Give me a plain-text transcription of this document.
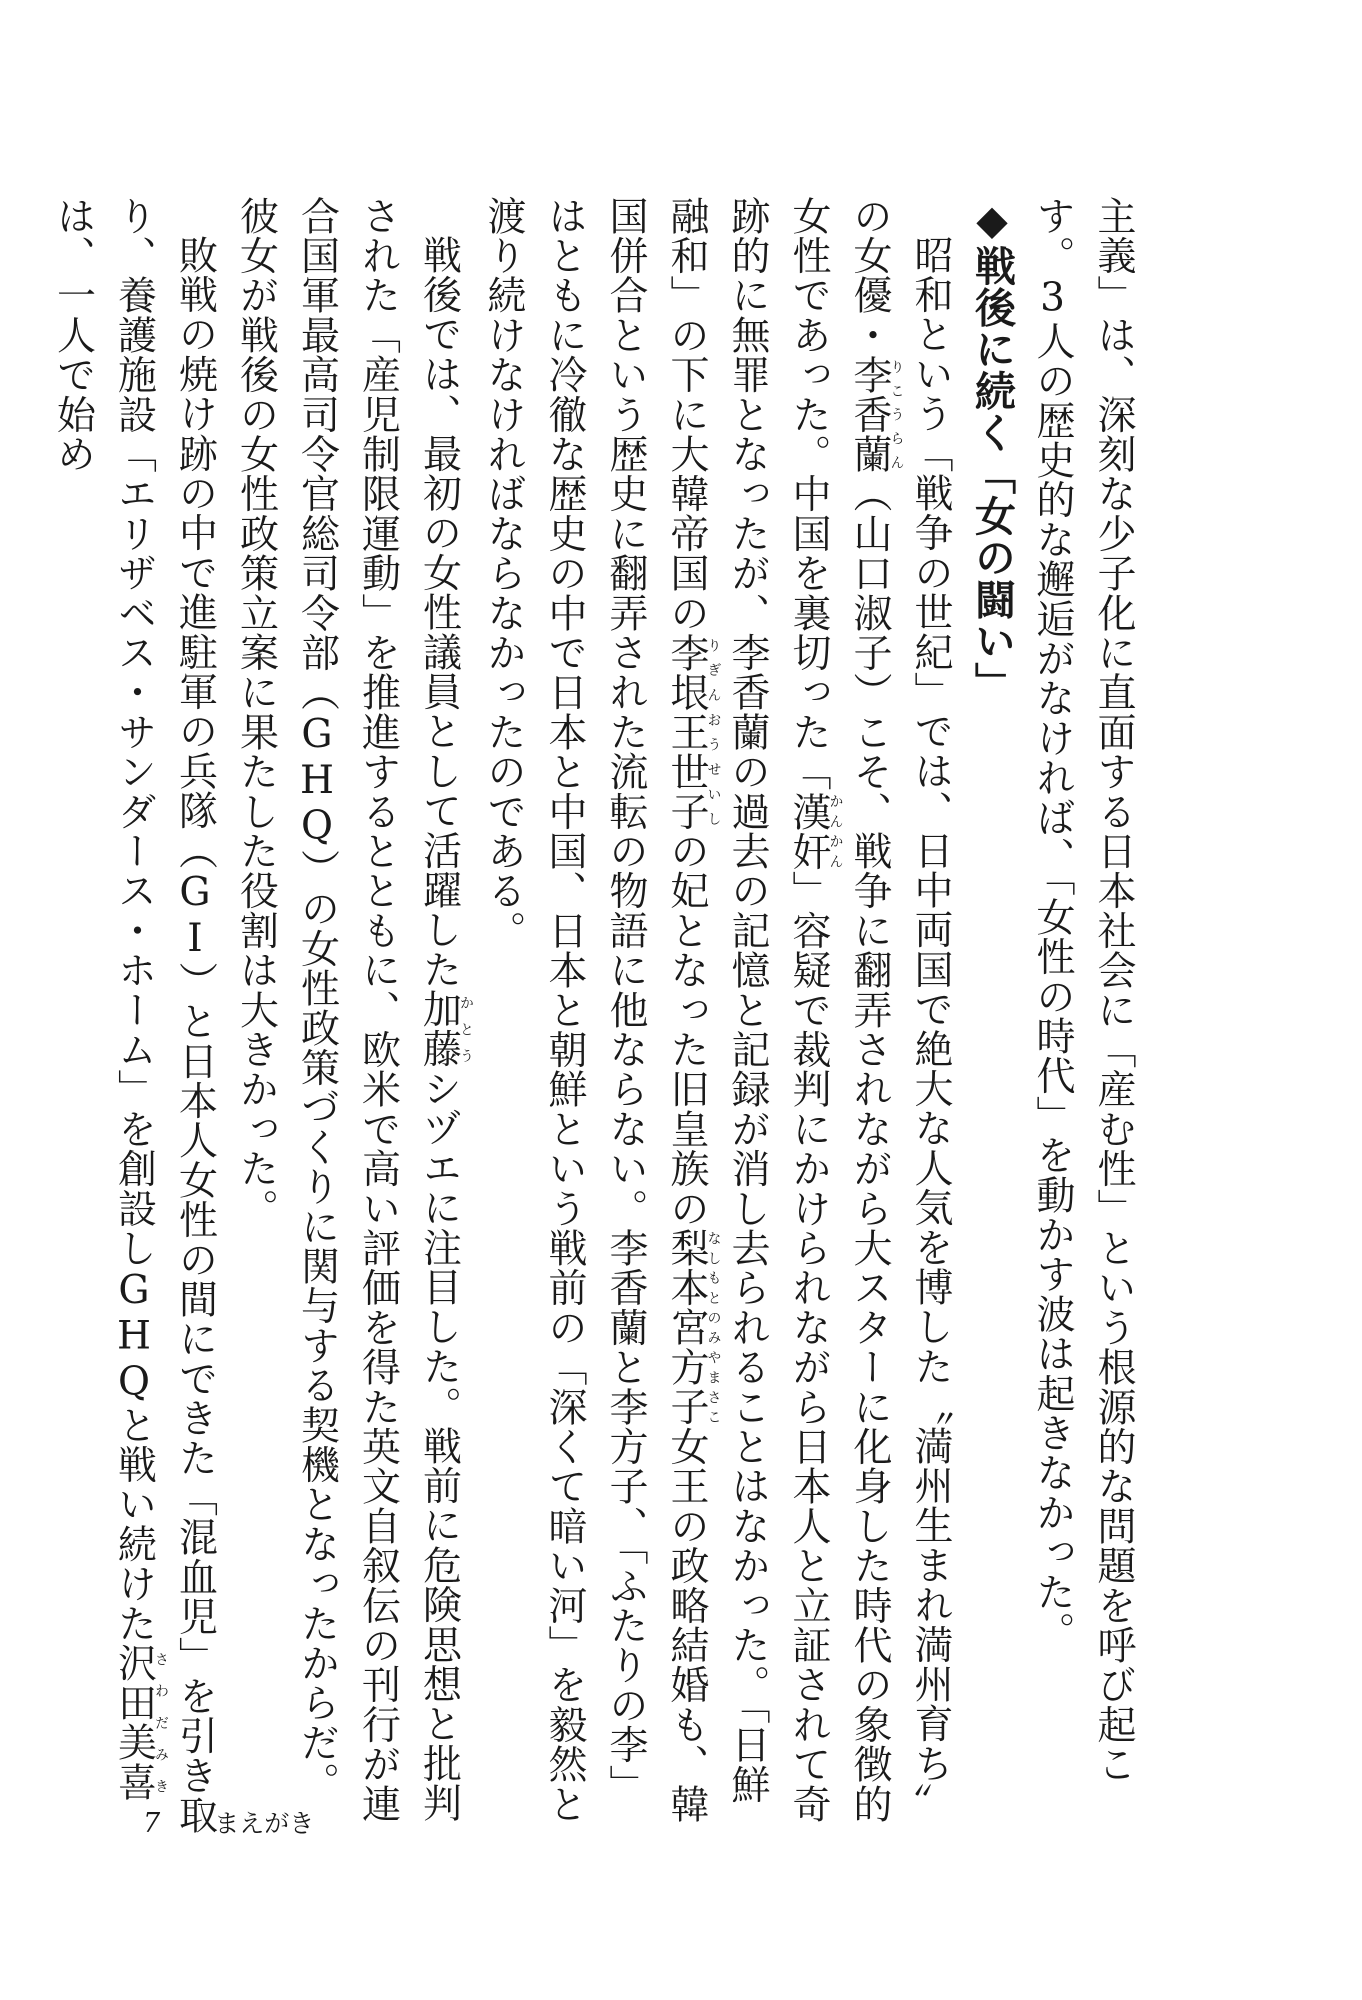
主義」は、深刻な少子化に直面する日本社会に「産む性」という根源的な問題を呼び起こす。3人の歴史的な邂逅がなければ、「女性の時代」を動かす波は起きなかった。

◆戦後に続く「女の闘い」

昭和という「戦争の世紀」では、日中両国で絶大な人気を博した〝満州生まれ満州育ち〟の女優・李香蘭りこうらん（山口淑子）こそ、戦争に翻弄されながら大スターに化身した時代の象徴的女性であった。中国を裏切った「漢奸かんかん」容疑で裁判にかけられながら日本人と立証されて奇跡的に無罪となったが、李香蘭の過去の記憶と記録が消し去られることはなかった。「日鮮融和」の下に大韓帝国の李垠王世子りぎんおうせいしの妃となった旧皇族の梨本宮方子なしもとのみやまさこ女王の政略結婚も、韓国併合という歴史に翻弄された流転の物語に他ならない。李香蘭と李方子、「ふたりの李」はともに冷徹な歴史の中で日本と中国、日本と朝鮮という戦前の「深くて暗い河」を毅然と渡り続けなければならなかったのである。

戦後では、最初の女性議員として活躍した加藤かとうシヅエに注目した。戦前に危険思想と批判された「産児制限運動」を推進するとともに、欧米で高い評価を得た英文自叙伝の刊行が連合国軍最高司令官総司令部（GHQ）の女性政策づくりに関与する契機となったからだ。彼女が戦後の女性政策立案に果たした役割は大きかった。

敗戦の焼け跡の中で進駐軍の兵隊（GI）と日本人女性の間にできた「混血児」を引き取り、養護施設「エリザベス・サンダース・ホーム」を創設しGHQと戦い続けた沢田美喜さわだみきは、一人で始め

7 まえがき
